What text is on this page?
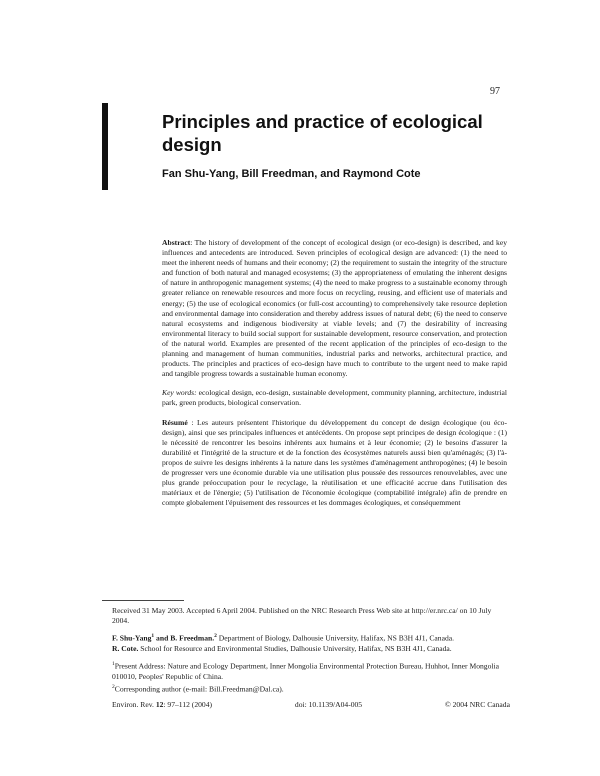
97
Principles and practice of ecological design

Fan Shu-Yang, Bill Freedman, and Raymond Cote

Abstract: The history of development of the concept of ecological design (or eco-design) is described, and key influences and antecedents are introduced. Seven principles of ecological design are advanced: (1) the need to meet the inherent needs of humans and their economy; (2) the requirement to sustain the integrity of the structure and function of both natural and managed ecosystems; (3) the appropriateness of emulating the inherent designs of nature in anthropogenic management systems; (4) the need to make progress to a sustainable economy through greater reliance on renewable resources and more focus on recycling, reusing, and efficient use of materials and energy; (5) the use of ecological economics (or full-cost accounting) to comprehensively take resource depletion and environmental damage into consideration and thereby address issues of natural debt; (6) the need to conserve natural ecosystems and indigenous biodiversity at viable levels; and (7) the desirability of increasing environmental literacy to build social support for sustainable development, resource conservation, and protection of the natural world. Examples are presented of the recent application of the principles of eco-design to the planning and management of human communities, industrial parks and networks, architectural practice, and products. The principles and practices of eco-design have much to contribute to the urgent need to make rapid and tangible progress towards a sustainable human economy.

Key words: ecological design, eco-design, sustainable development, community planning, architecture, industrial park, green products, biological conservation.

Résumé : Les auteurs présentent l'historique du développement du concept de design écologique (ou éco-design), ainsi que ses principales influences et antécédents. On propose sept principes de design écologique : (1) le nécessité de rencontrer les besoins inhérents aux humains et à leur économie; (2) le besoins d'assurer la durabilité et l'intégrité de la structure et de la fonction des écosystèmes naturels aussi bien qu'aménagés; (3) l'à-propos de suivre les designs inhérents à la nature dans les systèmes d'aménagement anthropogènes; (4) le besoin de progresser vers une économie durable via une utilisation plus poussée des ressources renouvelables, avec une plus grande préoccupation pour le recyclage, la réutilisation et une efficacité accrue dans l'utilisation des matériaux et de l'énergie; (5) l'utilisation de l'économie écologique (comptabilité intégrale) afin de prendre en compte globalement l'épuisement des ressources et les dommages écologiques, et conséquemment

Received 31 May 2003. Accepted 6 April 2004. Published on the NRC Research Press Web site at http://er.nrc.ca/ on 10 July 2004.

F. Shu-Yang$^1$ and B. Freedman.$^2$ Department of Biology, Dalhousie University, Halifax, NS B3H 4J1, Canada.
R. Cote. School for Resource and Environmental Studies, Dalhousie University, Halifax, NS B3H 4J1, Canada.

$^1$Present Address: Nature and Ecology Department, Inner Mongolia Environmental Protection Bureau, Huhhot, Inner Mongolia 010010, Peoples' Republic of China.
$^2$Corresponding author (e-mail: Bill.Freedman@Dal.ca).

Environ. Rev. 12: 97–112 (2004)	doi: 10.1139/A04-005	© 2004 NRC Canada
